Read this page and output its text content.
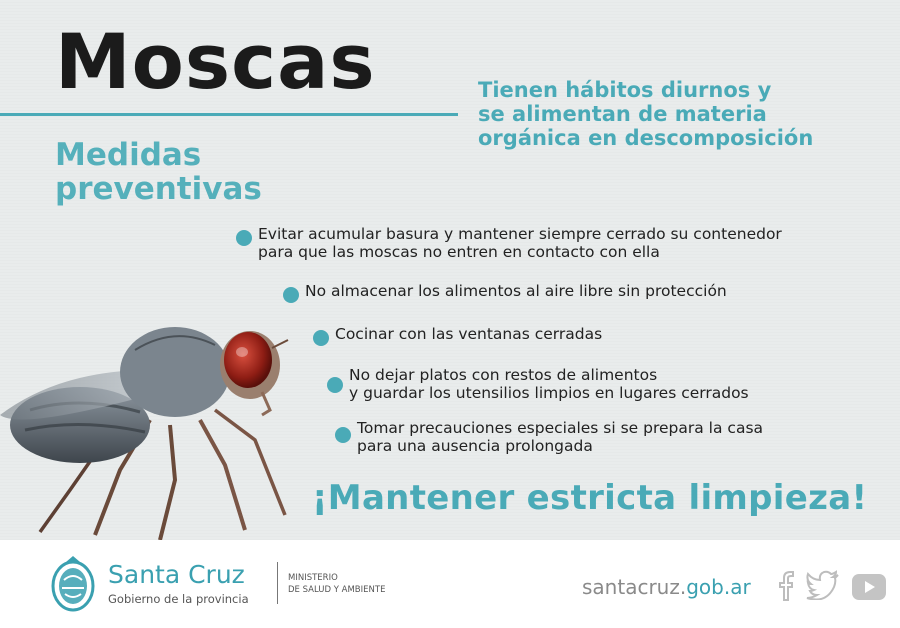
Moscas
Medidas
preventivas
Tienen hábitos diurnos y
se alimentan de materia
orgánica en descomposición
Evitar acumular basura y mantener siempre cerrado su contenedor
para que las moscas no entren en contacto con ella
No almacenar los alimentos al aire libre sin protección
Cocinar con las ventanas cerradas
No dejar platos con restos de alimentos
y guardar los utensilios limpios en lugares cerrados
Tomar precauciones especiales si se prepara la casa
para una ausencia prolongada
¡Mantener estricta limpieza!
Santa Cruz
Gobierno de la provincia
MINISTERIO
DE SALUD Y AMBIENTE	santacruz.gob.ar
